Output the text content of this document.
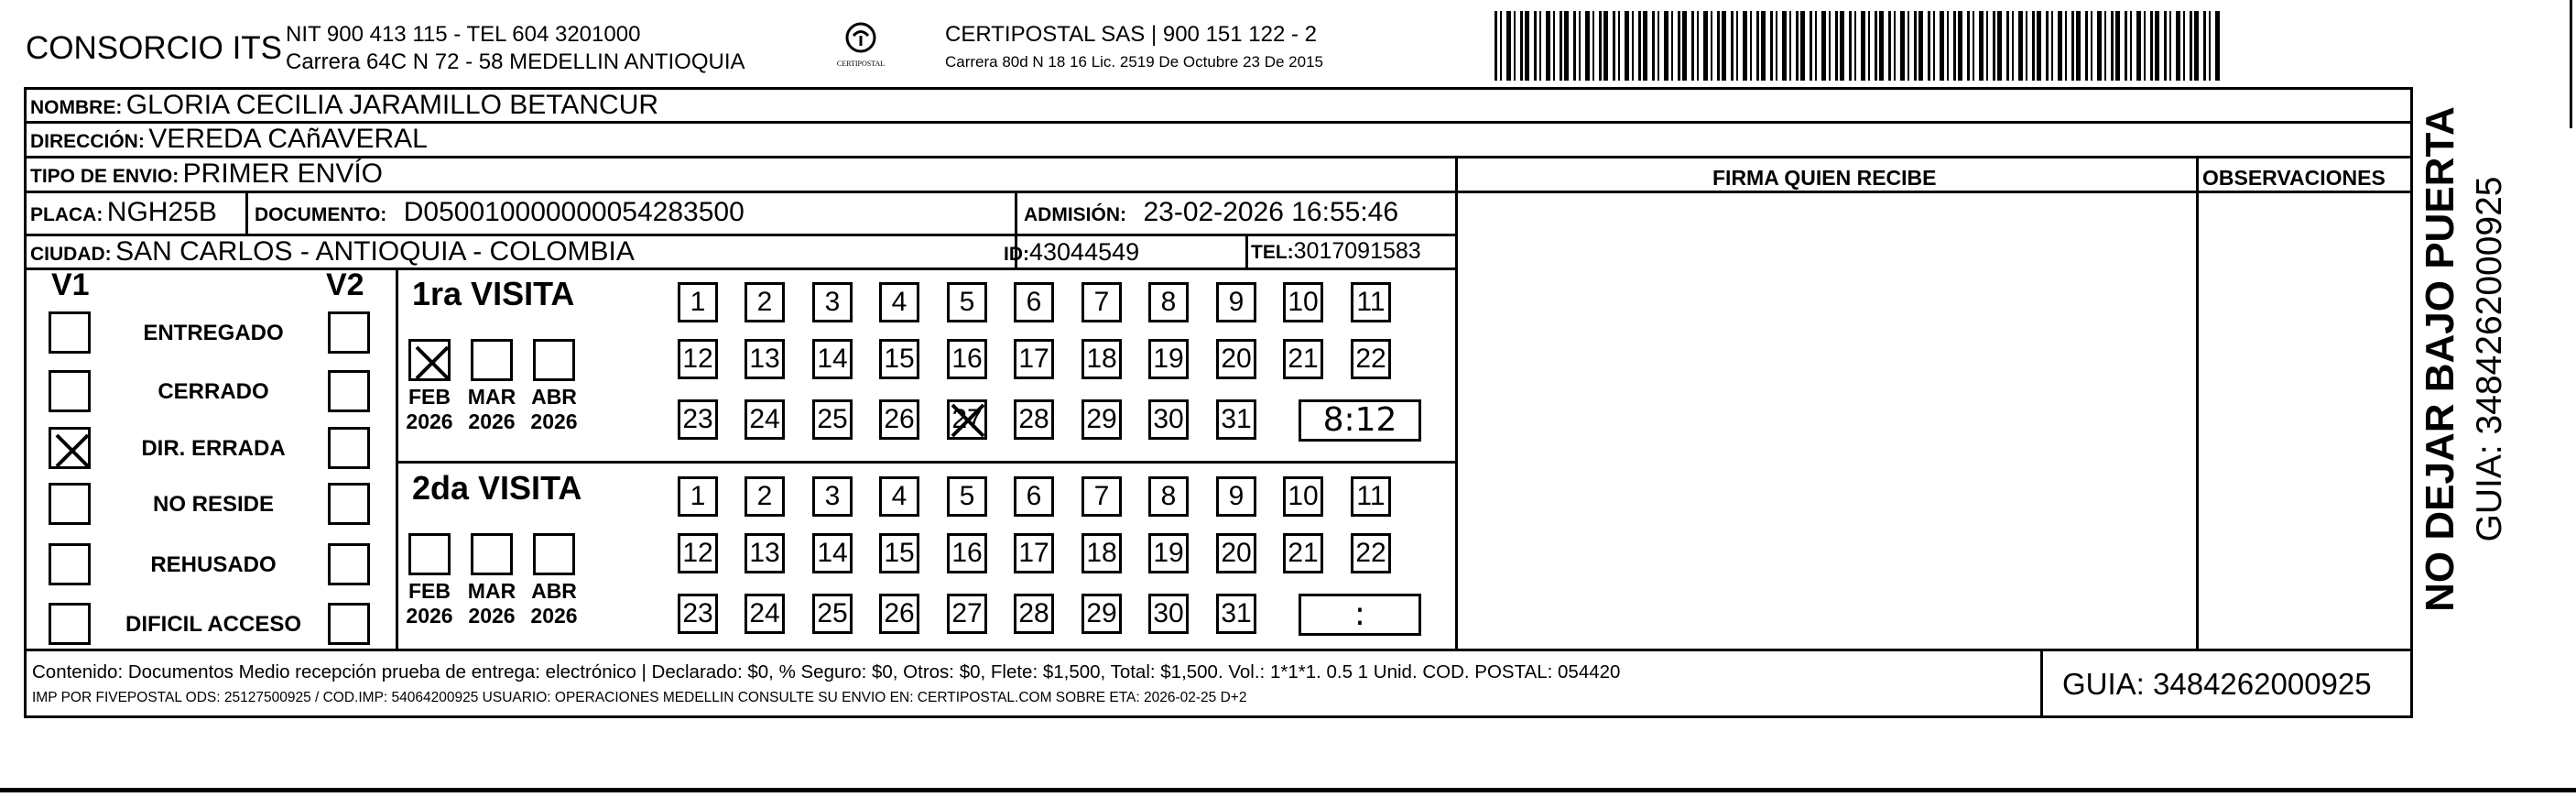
CONSORCIO ITS NIT 900 413 115 - TEL 604 3201000
Carrera 64C N 72 - 58 MEDELLIN ANTIOQUIA	CERTIPOSTAL
CERTIPOSTAL SAS | 900 151 122 - 2
Carrera 80d N 18 16 Lic. 2519 De Octubre 23 De 2015
NOMBRE: GLORIA CECILIA JARAMILLO BETANCUR
DIRECCIÓN: VEREDA CAñAVERAL
TIPO DE ENVIO: PRIMER ENVÍO	FIRMA QUIEN RECIBE	OBSERVACIONES
PLACA: NGH25B DOCUMENTO: D050010000000054283500	ADMISIÓN: 23-02-2026 16:55:46
CIUDAD: SAN CARLOS - ANTIOQUIA - COLOMBIA	ID:43044549	TEL:3017091583
V1	V2
ENTREGADO
CERRADO
DIR. ERRADA
NO RESIDE
REHUSADO
DIFICIL ACCESO
1ra VISITA
FEB
2026
MAR
2026
ABR
2026
1	2	3	4	5	6	7	8	9	10 11
12 13 14 15 16 17 18 19 20 21 22
23 24 25 26 27 28 29 30 31	8:12
2da VISITA
FEB
2026
MAR
2026
ABR
2026
1	2	3	4	5	6	7	8	9	10 11
12 13 14 15 16 17 18 19 20 21 22
23 24 25 26 27 28 29 30 31	:
Contenido: Documentos Medio recepción prueba de entrega: electrónico | Declarado: $0, % Seguro: $0, Otros: $0, Flete: $1,500, Total: $1,500. Vol.: 1*1*1. 0.5 1 Unid. COD. POSTAL: 054420
IMP POR FIVEPOSTAL ODS: 25127500925 / COD.IMP: 54064200925 USUARIO: OPERACIONES MEDELLIN CONSULTE SU ENVIO EN: CERTIPOSTAL.COM SOBRE ETA: 2026-02-25 D+2	GUIA: 3484262000925
NO DEJAR BAJO PUERTA GUIA: 3484262000925
